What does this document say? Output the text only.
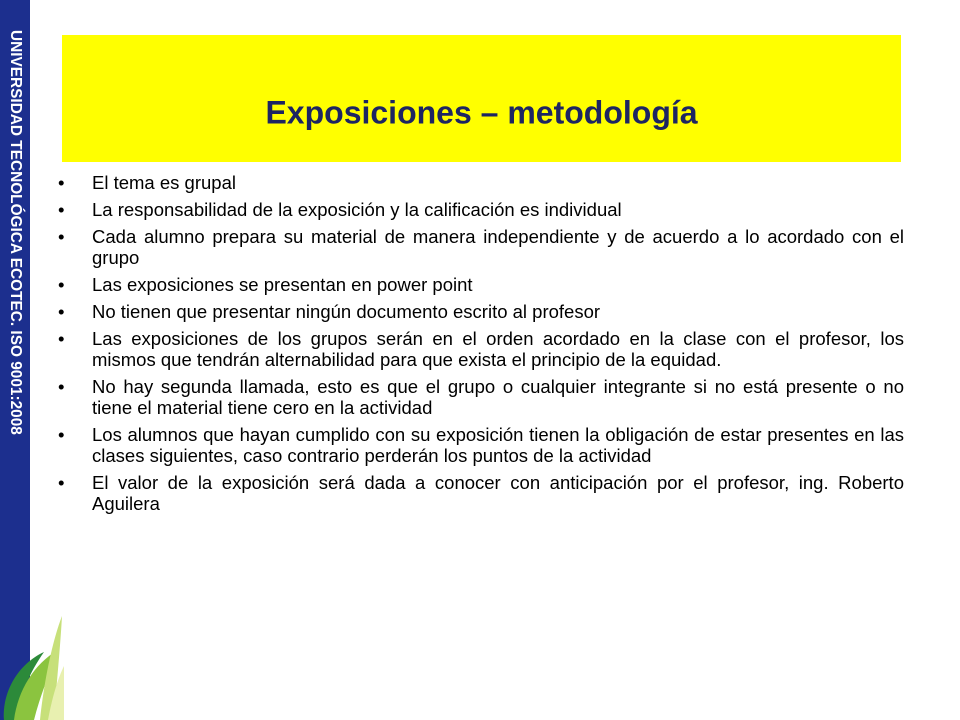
UNIVERSIDAD TECNOLÓGICA ECOTEC. ISO 9001:2008	Exposiciones – metodología
• El tema es grupal
• La responsabilidad de la exposición y la calificación es individual
• Cada alumno prepara su material de manera independiente y de acuerdo a lo acordado con el grupo
• Las exposiciones se presentan en power point
• No tienen que presentar ningún documento escrito al profesor
• Las exposiciones de los grupos serán en el orden acordado en la clase con el profesor, los mismos que tendrán alternabilidad para que exista el principio de la equidad.
• No hay segunda llamada, esto es que el grupo o cualquier integrante si no está presente o no tiene el material tiene cero en la actividad
• Los alumnos que hayan cumplido con su exposición tienen la obligación de estar presentes en las clases siguientes, caso contrario perderán los puntos de la actividad
• El valor de la exposición será dada a conocer con anticipación por el profesor, ing. Roberto Aguilera
